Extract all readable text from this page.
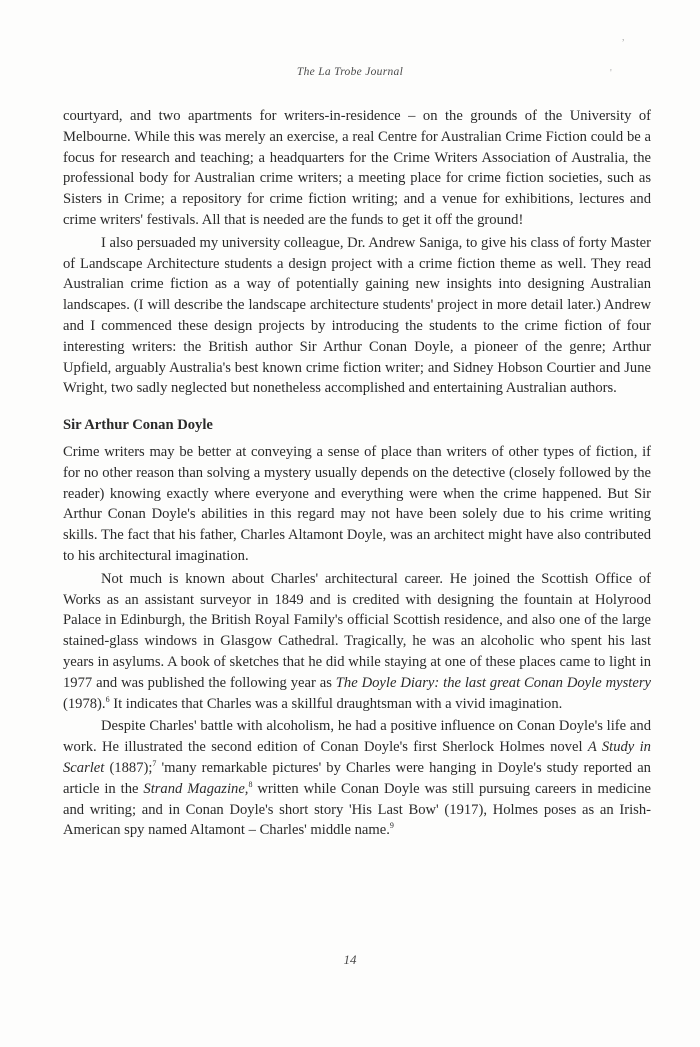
,
'
The La Trobe Journal

courtyard, and two apartments for writers-in-residence – on the grounds of the University of Melbourne. While this was merely an exercise, a real Centre for Australian Crime Fiction could be a focus for research and teaching; a headquarters for the Crime Writers Association of Australia, the professional body for Australian crime writers; a meeting place for crime fiction societies, such as Sisters in Crime; a repository for crime fiction writing; and a venue for exhibitions, lectures and crime writers' festivals. All that is needed are the funds to get it off the ground!

I also persuaded my university colleague, Dr. Andrew Saniga, to give his class of forty Master of Landscape Architecture students a design project with a crime fiction theme as well. They read Australian crime fiction as a way of potentially gaining new insights into designing Australian landscapes. (I will describe the landscape architecture students' project in more detail later.) Andrew and I commenced these design projects by introducing the students to the crime fiction of four interesting writers: the British author Sir Arthur Conan Doyle, a pioneer of the genre; Arthur Upfield, arguably Australia's best known crime fiction writer; and Sidney Hobson Courtier and June Wright, two sadly neglected but nonetheless accomplished and entertaining Australian authors.

Sir Arthur Conan Doyle

Crime writers may be better at conveying a sense of place than writers of other types of fiction, if for no other reason than solving a mystery usually depends on the detective (closely followed by the reader) knowing exactly where everyone and everything were when the crime happened. But Sir Arthur Conan Doyle's abilities in this regard may not have been solely due to his crime writing skills. The fact that his father, Charles Altamont Doyle, was an architect might have also contributed to his architectural imagination.

Not much is known about Charles' architectural career. He joined the Scottish Office of Works as an assistant surveyor in 1849 and is credited with designing the fountain at Holyrood Palace in Edinburgh, the British Royal Family's official Scottish residence, and also one of the large stained-glass windows in Glasgow Cathedral. Tragically, he was an alcoholic who spent his last years in asylums. A book of sketches that he did while staying at one of these places came to light in 1977 and was published the following year as The Doyle Diary: the last great Conan Doyle mystery (1978).$^6$ It indicates that Charles was a skillful draughtsman with a vivid imagination.

Despite Charles' battle with alcoholism, he had a positive influence on Conan Doyle's life and work. He illustrated the second edition of Conan Doyle's first Sherlock Holmes novel A Study in Scarlet (1887);$^7$ 'many remarkable pictures' by Charles were hanging in Doyle's study reported an article in the Strand Magazine,$^8$ written while Conan Doyle was still pursuing careers in medicine and writing; and in Conan Doyle's short story 'His Last Bow' (1917), Holmes poses as an Irish-American spy named Altamont – Charles' middle name.$^9$

14
